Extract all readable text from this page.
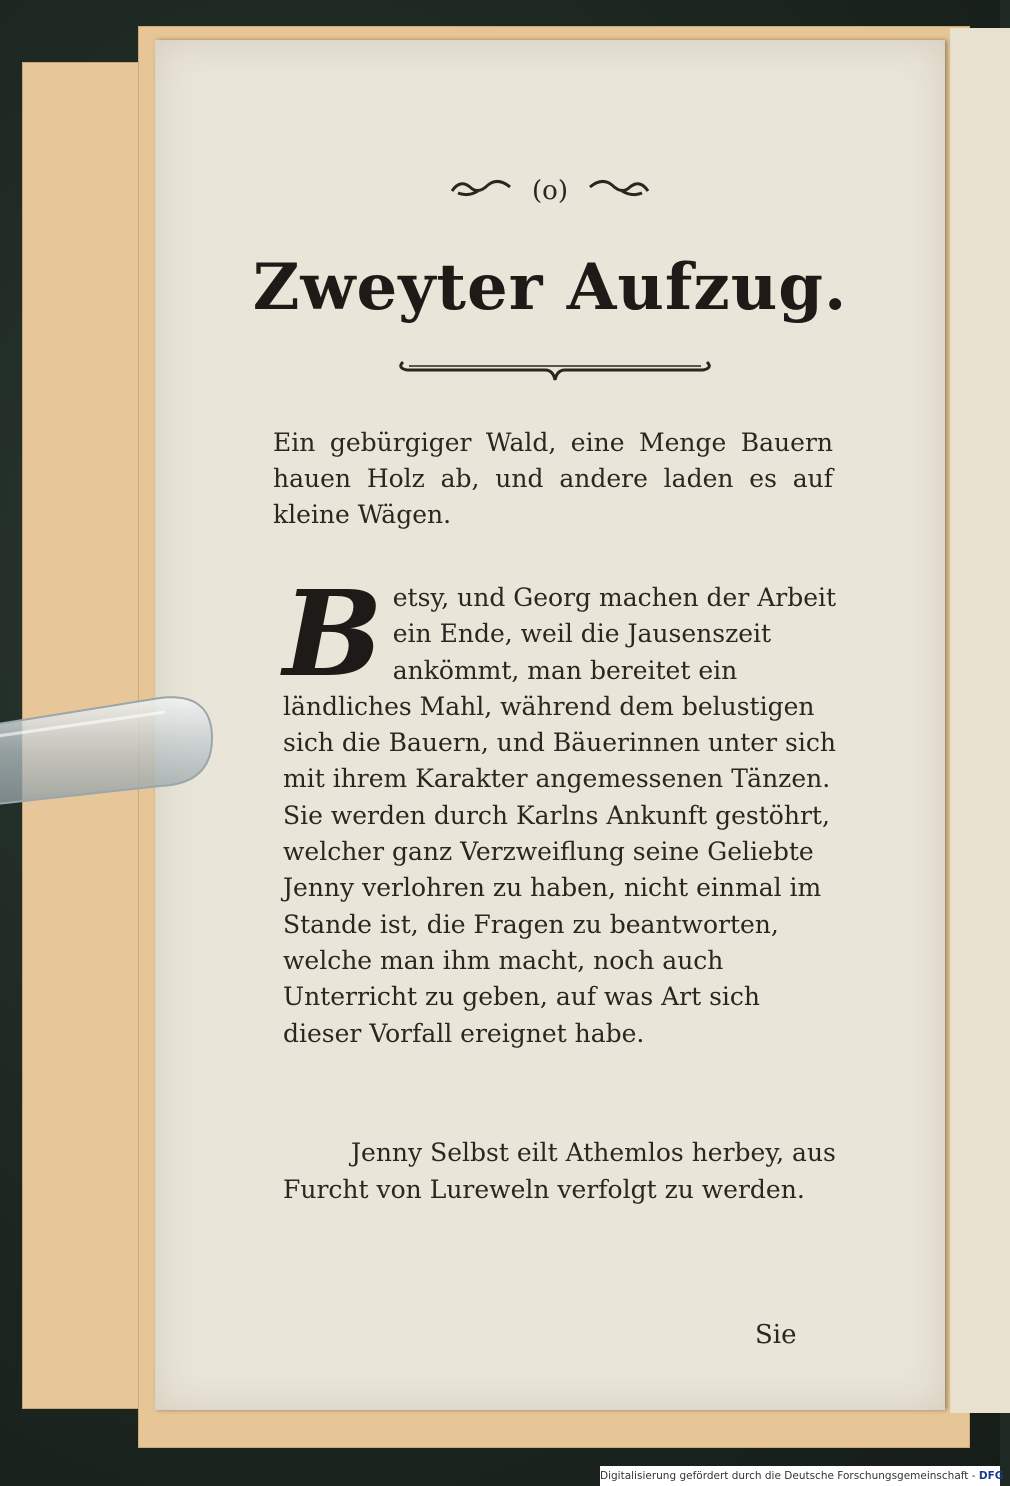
(o)
Zweyter Aufzug.
Ein gebürgiger Wald, eine Menge Bauern hauen Holz ab, und andere laden es auf kleine Wägen.
Betsy, und Georg machen der Arbeit ein Ende, weil die Jausenszeit ankömmt, man bereitet ein ländliches Mahl, während dem belustigen sich die Bauern, und Bäuerinnen unter sich mit ihrem Karakter angemessenen Tänzen. Sie werden durch Karlns Ankunft gestöhrt, welcher ganz Verzweiflung seine Geliebte Jenny verlohren zu haben, nicht einmal im Stande ist, die Fragen zu beantworten, welche man ihm macht, noch auch Unterricht zu geben, auf was Art sich dieser Vorfall ereignet habe.
Jenny Selbst eilt Athemlos herbey, aus Furcht von Lureweln verfolgt zu werden.
Sie
Digitalisierung gefördert durch die Deutsche Forschungsgemeinschaft - DFG
